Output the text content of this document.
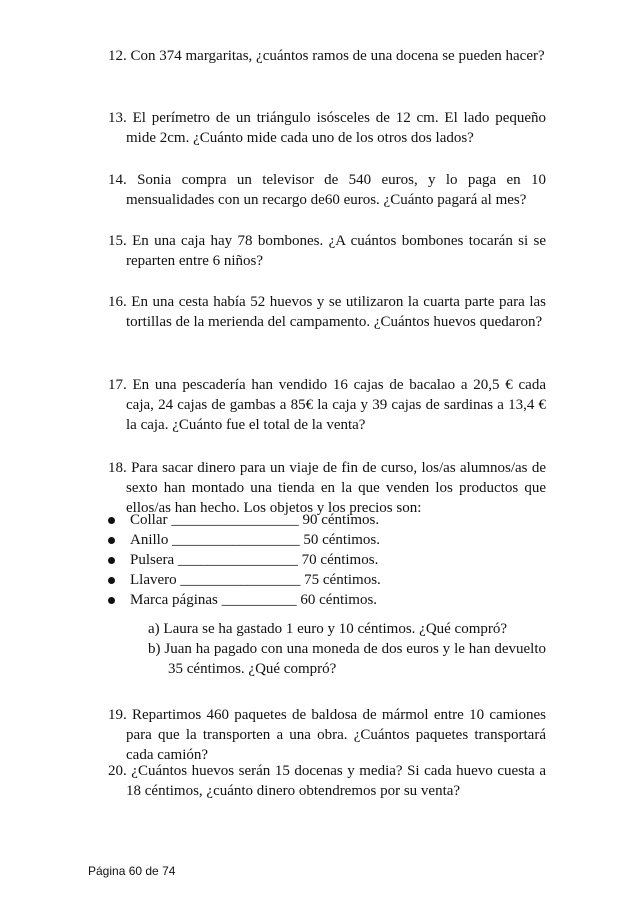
12. Con 374 margaritas, ¿cuántos ramos de una docena se pueden hacer?
13. El perímetro de un triángulo isósceles de 12 cm. El lado pequeño mide 2cm. ¿Cuánto mide cada uno de los otros dos lados?
14. Sonia compra un televisor de 540 euros, y lo paga en 10 mensualidades con un recargo de60 euros. ¿Cuánto pagará al mes?
15. En una caja hay 78 bombones. ¿A cuántos bombones tocarán si se reparten entre 6 niños?
16. En una cesta había 52 huevos y se utilizaron la cuarta parte para las tortillas de la merienda del campamento. ¿Cuántos huevos quedaron?
17. En una pescadería han vendido 16 cajas de bacalao a 20,5 € cada caja, 24 cajas de gambas a 85€ la caja y 39 cajas de sardinas a 13,4 € la caja. ¿Cuánto fue el total de la venta?
18. Para sacar dinero para un viaje de fin de curso, los/as alumnos/as de sexto han montado una tienda en la que venden los productos que ellos/as han hecho. Los objetos y los precios son:
Collar _________________ 90 céntimos.
Anillo _________________ 50 céntimos.
Pulsera ________________ 70 céntimos.
Llavero ________________ 75 céntimos.
Marca páginas __________ 60 céntimos.
a) Laura se ha gastado 1 euro y 10 céntimos. ¿Qué compró?
b) Juan ha pagado con una moneda de dos euros y le han devuelto 35 céntimos. ¿Qué compró?
19. Repartimos 460 paquetes de baldosa de mármol entre 10 camiones para que la transporten a una obra. ¿Cuántos paquetes transportará cada camión?
20. ¿Cuántos huevos serán 15 docenas y media? Si cada huevo cuesta a 18 céntimos, ¿cuánto dinero obtendremos por su venta?
Página 60 de 74
